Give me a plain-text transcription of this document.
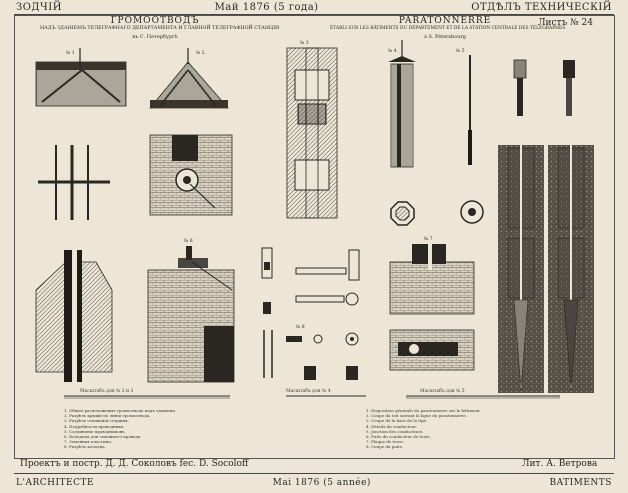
ЗОДЧІЙ	Май 1876 (5 года)	ОТДѢЛЪ ТЕХНИЧЕСКІЙ
ГРОМООТВОДЪ
НАДЪ ЗДАНІЕМЪ ТЕЛЕГРАФНАГО ДЕПАРТАМЕНТА И ГЛАВНОЙ ТЕЛЕГРАФНОЙ СТАНЦІИ
въ С. Петербургѣ
PARATONNERRE
ÉTABLI SUR LES BÂTIMENTS DU DÉPARTEMENT ET DE LA STATION CENTRALE DES TÉLÉGRAPHES
à S. Pétersbourg
Листъ № 24
Масштабъ для № 2 и 3	Масштабъ для № 4	Масштабъ для № 5
1. Общее расположение громоотвода надъ зданіемъ.
2. Разрѣзъ крыши по линіи громоотвода.
3. Разрѣзъ основанія стержня.
4. Подробности проводника.
5. Соединеніе проводниковъ.
6. Колодецъ для земляного провода.
7. Земляная пластина.
8. Разрѣзъ колодца.
1. Disposition générale du paratonnerre sur le bâtiment.
2. Coupe du toit suivant la ligne du paratonnerre.
3. Coupe de la base de la tige.
4. Détails du conducteur.
5. Jonction des conducteurs.
6. Puits du conducteur de terre.
7. Plaque de terre.
8. Coupe du puits.
№ 1	№ 2
№ 3
№ 4	№ 5
№ 6	№ 7
№ 8
Проектъ и постр. Д. Д. Соколовъ fec. D. Socoloff	Лит. А. Ветрова
L'ARCHITECTE	Mai 1876 (5 année)	BATIMENTS
